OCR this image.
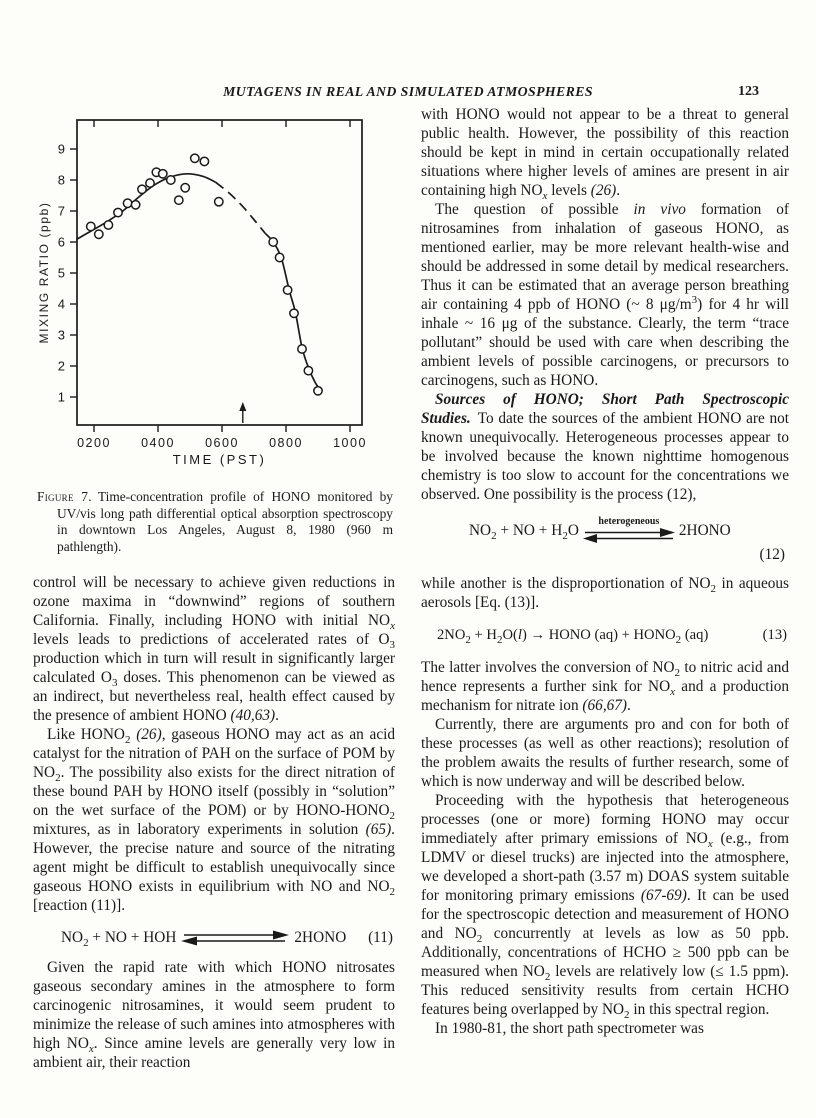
MUTAGENS IN REAL AND SIMULATED ATMOSPHERES	123
1
2
3
4
5
6
7
8
9
0200 0400 0600 0800 1000
MIXING RATIO (ppb)
TIME (PST)

Figure 7. Time-concentration profile of HONO monitored by UV/vis long path differential optical absorption spectroscopy in downtown Los Angeles, August 8, 1980 (960 m pathlength).

control will be necessary to achieve given reductions in ozone maxima in “downwind” regions of southern California. Finally, including HONO with initial $NO_x$ levels leads to predictions of accelerated rates of $O_3$ production which in turn will result in significantly larger calculated $O_3$ doses. This phenomenon can be viewed as an indirect, but nevertheless real, health effect caused by the presence of ambient HONO (40,63).

Like $HONO_2$ (26), gaseous HONO may act as an acid catalyst for the nitration of PAH on the surface of POM by $NO_2$. The possibility also exists for the direct nitration of these bound PAH by HONO itself (possibly in “solution” on the wet surface of the POM) or by HONO-$HONO_2$ mixtures, as in laboratory experiments in solution (65). However, the precise nature and source of the nitrating agent might be difficult to establish unequivocally since gaseous HONO exists in equilibrium with NO and $NO_2$ [reaction (11)].

$NO_2$ + NO + HOH	2HONO (11)

Given the rapid rate with which HONO nitrosates gaseous secondary amines in the atmosphere to form carcinogenic nitrosamines, it would seem prudent to minimize the release of such amines into atmospheres with high $NO_x$. Since amine levels are generally very low in ambient air, their reaction

with HONO would not appear to be a threat to general public health. However, the possibility of this reaction should be kept in mind in certain occupationally related situations where higher levels of amines are present in air containing high $NO_x$ levels (26).

The question of possible in vivo formation of nitrosamines from inhalation of gaseous HONO, as mentioned earlier, may be more relevant health-wise and should be addressed in some detail by medical researchers. Thus it can be estimated that an average person breathing air containing 4 ppb of HONO (~ 8 $\mu g/m^3$) for 4 hr will inhale ~ 16 μg of the substance. Clearly, the term “trace pollutant” should be used with care when describing the ambient levels of possible carcinogens, or precursors to carcinogens, such as HONO.

Sources of HONO; Short Path Spectroscopic Studies. To date the sources of the ambient HONO are not known unequivocally. Heterogeneous processes appear to be involved because the known nighttime homogenous chemistry is too slow to account for the concentrations we observed. One possibility is the process (12),

$NO_2$ + NO + $H_2O$ heterogeneous 2HONO
(12)

while another is the disproportionation of $NO_2$ in aqueous aerosols [Eq. (13)].

$2NO_2 + H_2O(l)$ → HONO $(aq) + HONO_2$ (aq)	(13)

The latter involves the conversion of $NO_2$ to nitric acid and hence represents a further sink for $NO_x$ and a production mechanism for nitrate ion (66,67).

Currently, there are arguments pro and con for both of these processes (as well as other reactions); resolution of the problem awaits the results of further research, some of which is now underway and will be described below.

Proceeding with the hypothesis that heterogeneous processes (one or more) forming HONO may occur immediately after primary emissions of $NO_x$ (e.g., from LDMV or diesel trucks) are injected into the atmosphere, we developed a short-path (3.57 m) DOAS system suitable for monitoring primary emissions (67-69). It can be used for the spectroscopic detection and measurement of HONO and $NO_2$ concurrently at levels as low as 50 ppb. Additionally, concentrations of HCHO ≥ 500 ppb can be measured when $NO_2$ levels are relatively low (≤ 1.5 ppm). This reduced sensitivity results from certain HCHO features being overlapped by $NO_2$ in this spectral region.

In 1980-81, the short path spectrometer was
